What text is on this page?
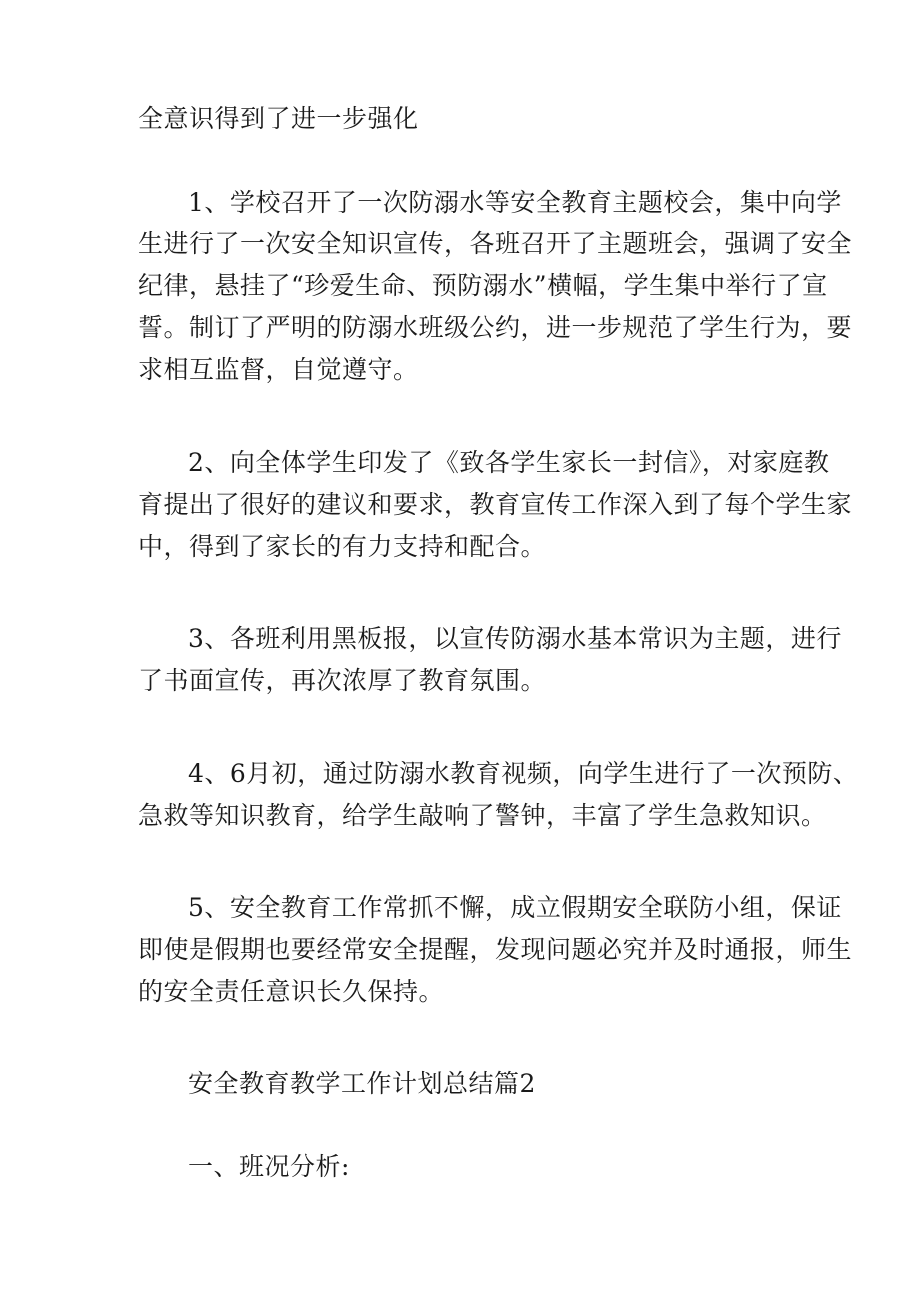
全意识得到了进一步强化
1、学校召开了一次防溺水等安全教育主题校会，集中向学
生进行了一次安全知识宣传，各班召开了主题班会，强调了安全
纪律，悬挂了“珍爱生命、预防溺水”横幅，学生集中举行了宣
誓。制订了严明的防溺水班级公约，进一步规范了学生行为，要
求相互监督，自觉遵守。
2、向全体学生印发了《致各学生家长一封信》，对家庭教
育提出了很好的建议和要求，教育宣传工作深入到了每个学生家
中，得到了家长的有力支持和配合。
3、各班利用黑板报，以宣传防溺水基本常识为主题，进行
了书面宣传，再次浓厚了教育氛围。
4、6月初，通过防溺水教育视频，向学生进行了一次预防、
急救等知识教育，给学生敲响了警钟，丰富了学生急救知识。
5、安全教育工作常抓不懈，成立假期安全联防小组，保证
即使是假期也要经常安全提醒，发现问题必究并及时通报，师生
的安全责任意识长久保持。
安全教育教学工作计划总结篇2
一、班况分析:
